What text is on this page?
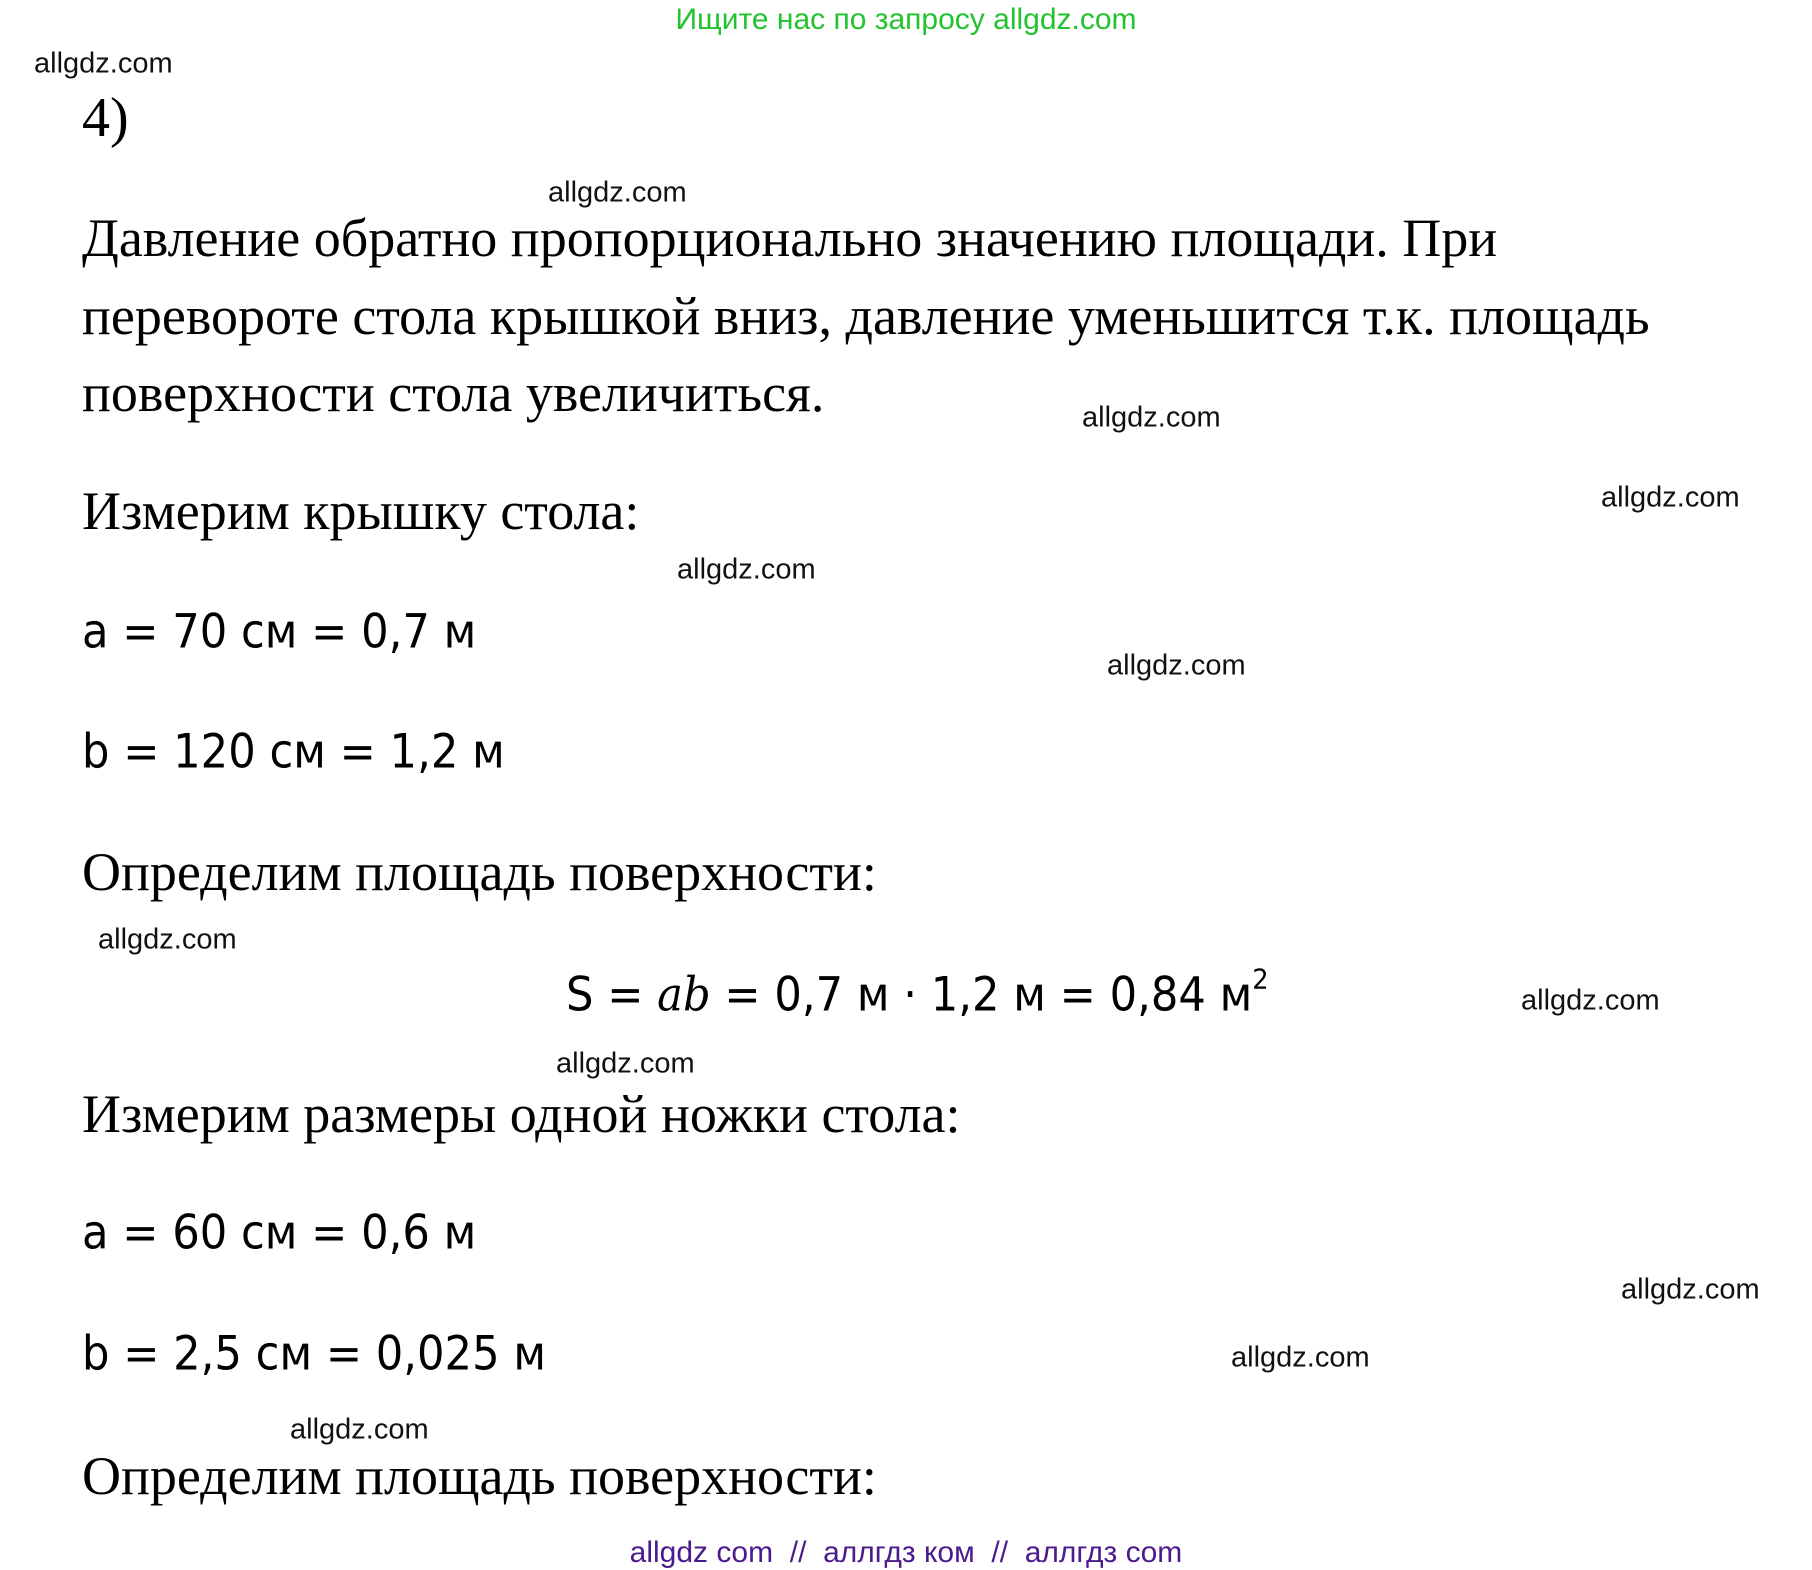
Ищите нас по запросу allgdz.com
4)
Давление обратно пропорционально значению площади. При
перевороте стола крышкой вниз, давление уменьшится т.к. площадь
поверхности стола увеличиться.
Измерим крышку стола:
a = 70 см = 0,7 м
b = 120 см = 1,2 м
Определим площадь поверхности:
S = ab = 0,7 м · 1,2 м = 0,84 $м^2$
Измерим размеры одной ножки стола:
a = 60 см = 0,6 м
b = 2,5 см = 0,025 м
Определим площадь поверхности:
allgdz.com
allgdz.com
allgdz.com
allgdz.com
allgdz.com
allgdz.com
allgdz.com
allgdz.com
allgdz.com
allgdz.com
allgdz.com
allgdz.com
allgdz com  //  аллгдз ком  //  аллгдз com
